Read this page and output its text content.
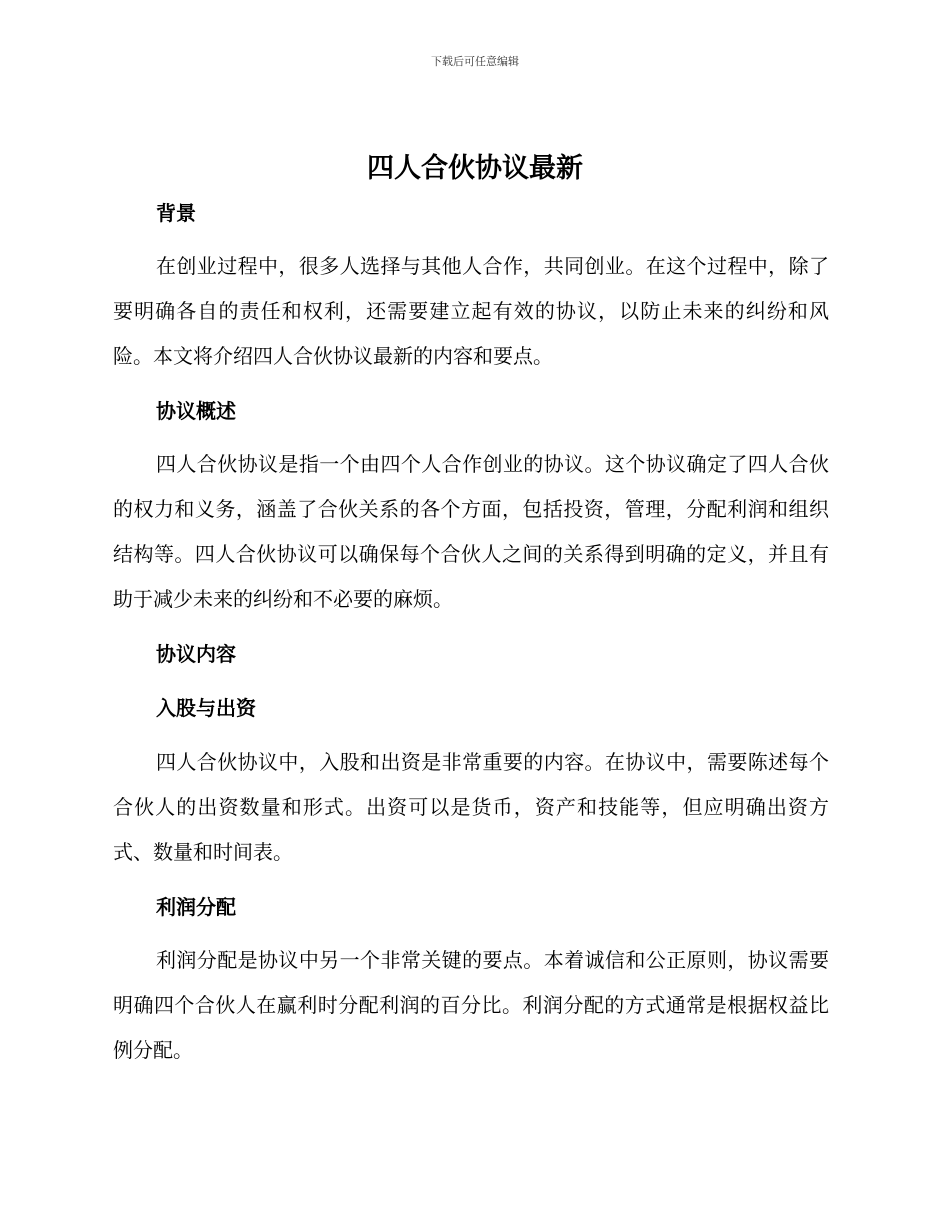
下载后可任意编辑
四人合伙协议最新
背景
在创业过程中，很多人选择与其他人合作，共同创业。在这个过程中，除了要明确各自的责任和权利，还需要建立起有效的协议，以防止未来的纠纷和风险。本文将介绍四人合伙协议最新的内容和要点。
协议概述
四人合伙协议是指一个由四个人合作创业的协议。这个协议确定了四人合伙的权力和义务，涵盖了合伙关系的各个方面，包括投资，管理，分配利润和组织结构等。四人合伙协议可以确保每个合伙人之间的关系得到明确的定义，并且有助于减少未来的纠纷和不必要的麻烦。
协议内容
入股与出资
四人合伙协议中，入股和出资是非常重要的内容。在协议中，需要陈述每个合伙人的出资数量和形式。出资可以是货币，资产和技能等，但应明确出资方式、数量和时间表。
利润分配
利润分配是协议中另一个非常关键的要点。本着诚信和公正原则，协议需要明确四个合伙人在赢利时分配利润的百分比。利润分配的方式通常是根据权益比例分配。
